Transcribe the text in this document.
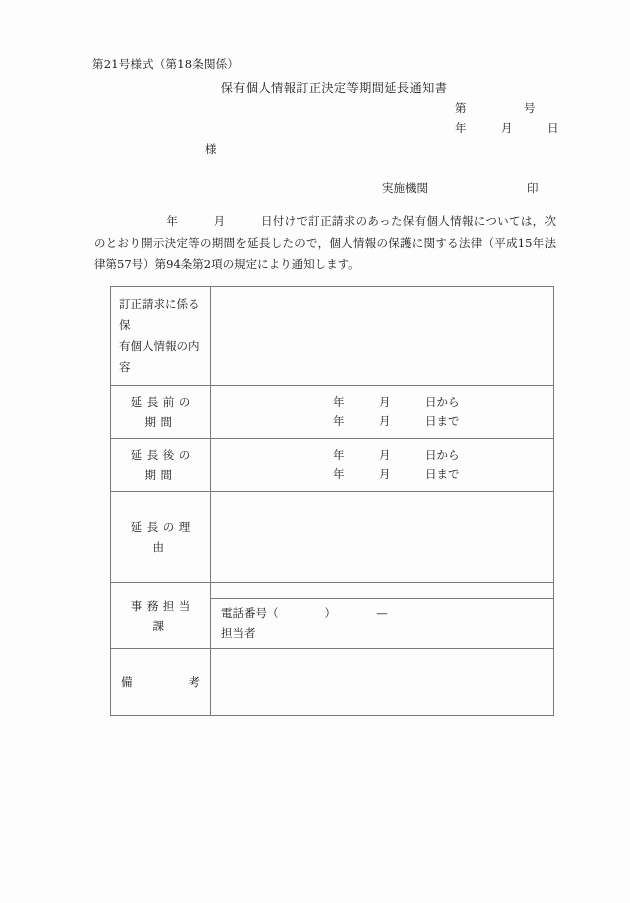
第21号様式（第18条関係）
保有個人情報訂正決定等期間延長通知書
第　　　　　号
年　　　月　　　日
様
実施機関	印
年　　　月　　　日付けで訂正請求のあった保有個人情報については，次のとおり開示決定等の期間を延長したので，個人情報の保護に関する法律（平成15年法律第57号）第94条第2項の規定により通知します。
訂正請求に係る保
有個人情報の内容	

延長前の期間	年　　　月　　　日から
年　　　月　　　日まで

延長後の期間	年　　　月　　　日から
年　　　月　　　日まで

延長の理由	

事務担当課	

	電話番号（　　　　）　　　　—
担当者

備 考	
